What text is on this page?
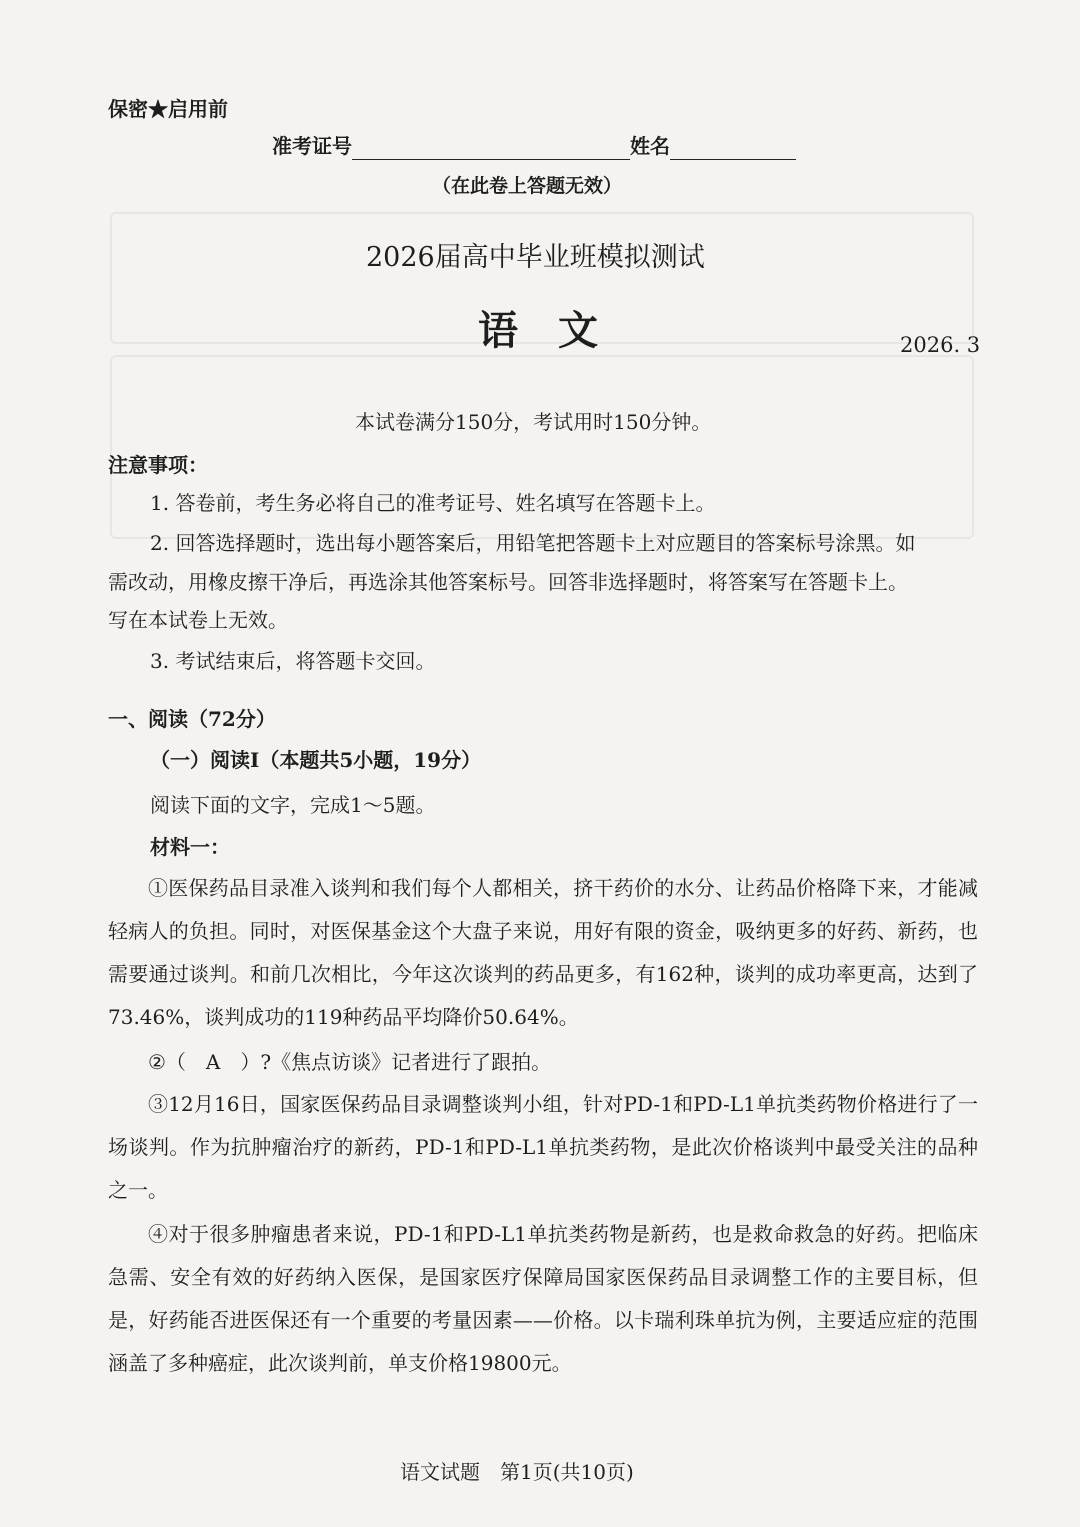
保密★启用前
准考证号	姓名
（在此卷上答题无效）
2026届高中毕业班模拟测试
语　文	2026. 3
本试卷满分150分，考试用时150分钟。
注意事项：
1. 答卷前，考生务必将自己的准考证号、姓名填写在答题卡上。
2. 回答选择题时，选出每小题答案后，用铅笔把答题卡上对应题目的答案标号涂黑。如
需改动，用橡皮擦干净后，再选涂其他答案标号。回答非选择题时，将答案写在答题卡上。
写在本试卷上无效。
3. 考试结束后，将答题卡交回。
一、阅读（72分）
（一）阅读Ⅰ（本题共5小题，19分）
阅读下面的文字，完成1～5题。
材料一：

①医保药品目录准入谈判和我们每个人都相关，挤干药价的水分、让药品价格降下来，才能减轻病人的负担。同时，对医保基金这个大盘子来说，用好有限的资金，吸纳更多的好药、新药，也需要通过谈判。和前几次相比，今年这次谈判的药品更多，有162种，谈判的成功率更高，达到了73.46%，谈判成功的119种药品平均降价50.64%。

②（　A　）?《焦点访谈》记者进行了跟拍。

③12月16日，国家医保药品目录调整谈判小组，针对PD-1和PD-L1单抗类药物价格进行了一场谈判。作为抗肿瘤治疗的新药，PD-1和PD-L1单抗类药物，是此次价格谈判中最受关注的品种之一。

④对于很多肿瘤患者来说，PD-1和PD-L1单抗类药物是新药，也是救命救急的好药。把临床急需、安全有效的好药纳入医保，是国家医疗保障局国家医保药品目录调整工作的主要目标，但是，好药能否进医保还有一个重要的考量因素——价格。以卡瑞利珠单抗为例，主要适应症的范围涵盖了多种癌症，此次谈判前，单支价格19800元。

语文试题　第1页(共10页)
